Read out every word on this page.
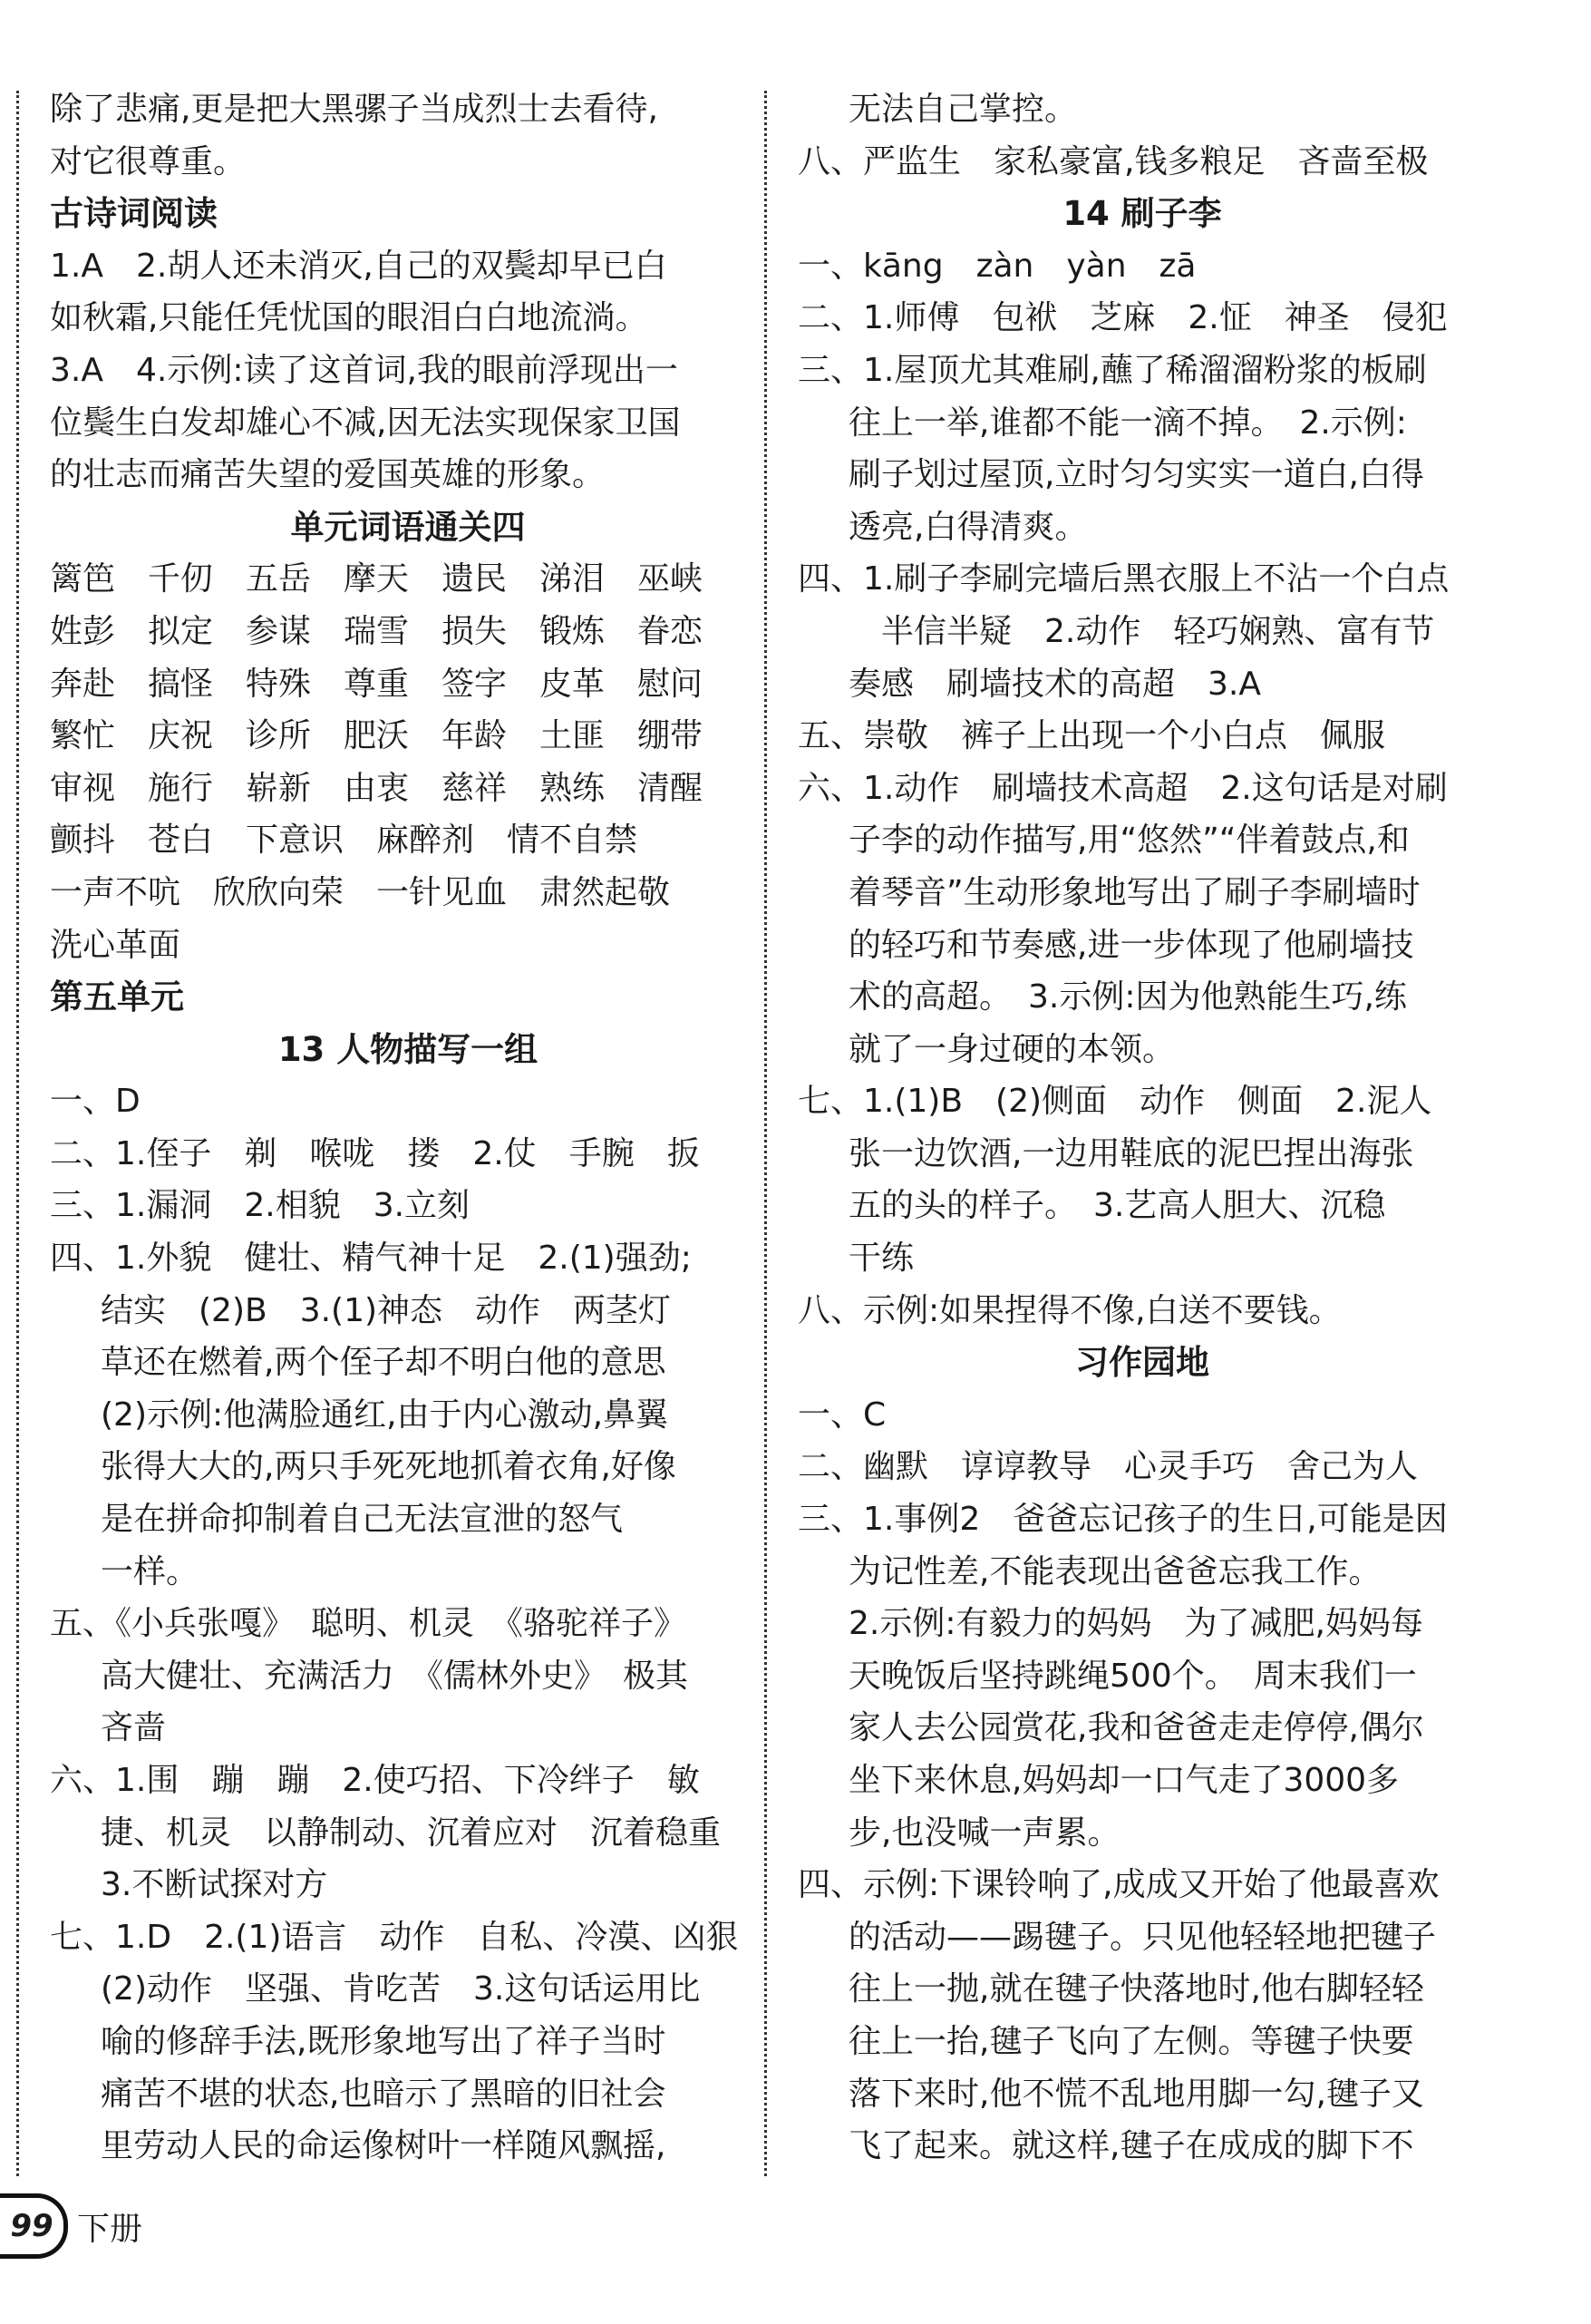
除了悲痛,更是把大黑骡子当成烈士去看待,
对它很尊重。
古诗词阅读
1.A　2.胡人还未消灭,自己的双鬓却早已白
如秋霜,只能任凭忧国的眼泪白白地流淌。
3.A　4.示例:读了这首词,我的眼前浮现出一
位鬓生白发却雄心不减,因无法实现保家卫国
的壮志而痛苦失望的爱国英雄的形象。
单元词语通关四
篱笆　千仞　五岳　摩天　遗民　涕泪　巫峡
姓彭　拟定　参谋　瑞雪　损失　锻炼　眷恋
奔赴　搞怪　特殊　尊重　签字　皮革　慰问
繁忙　庆祝　诊所　肥沃　年龄　土匪　绷带
审视　施行　崭新　由衷　慈祥　熟练　清醒
颤抖　苍白　下意识　麻醉剂　情不自禁
一声不吭　欣欣向荣　一针见血　肃然起敬
洗心革面
第五单元
13 人物描写一组
一、D
二、1.侄子　剃　喉咙　搂　2.仗　手腕　扳
三、1.漏洞　2.相貌　3.立刻
四、1.外貌　健壮、精气神十足　2.(1)强劲;
结实　(2)B　3.(1)神态　动作　两茎灯
草还在燃着,两个侄子却不明白他的意思
(2)示例:他满脸通红,由于内心激动,鼻翼
张得大大的,两只手死死地抓着衣角,好像
是在拼命抑制着自己无法宣泄的怒气
一样。
五、《小兵张嘎》　聪明、机灵　《骆驼祥子》
高大健壮、充满活力　《儒林外史》　极其
吝啬
六、1.围　蹦　蹦　2.使巧招、下冷绊子　敏
捷、机灵　以静制动、沉着应对　沉着稳重
3.不断试探对方
七、1.D　2.(1)语言　动作　自私、冷漠、凶狠
(2)动作　坚强、肯吃苦　3.这句话运用比
喻的修辞手法,既形象地写出了祥子当时
痛苦不堪的状态,也暗示了黑暗的旧社会
里劳动人民的命运像树叶一样随风飘摇,
无法自己掌控。
八、严监生　家私豪富,钱多粮足　吝啬至极
14 刷子李
一、kāng　zàn　yàn　zā
二、1.师傅　包袱　芝麻　2.怔　神圣　侵犯
三、1.屋顶尤其难刷,蘸了稀溜溜粉浆的板刷
往上一举,谁都不能一滴不掉。　2.示例:
刷子划过屋顶,立时匀匀实实一道白,白得
透亮,白得清爽。
四、1.刷子李刷完墙后黑衣服上不沾一个白点
　半信半疑　2.动作　轻巧娴熟、富有节
奏感　刷墙技术的高超　3.A
五、崇敬　裤子上出现一个小白点　佩服
六、1.动作　刷墙技术高超　2.这句话是对刷
子李的动作描写,用“悠然”“伴着鼓点,和
着琴音”生动形象地写出了刷子李刷墙时
的轻巧和节奏感,进一步体现了他刷墙技
术的高超。　3.示例:因为他熟能生巧,练
就了一身过硬的本领。
七、1.(1)B　(2)侧面　动作　侧面　2.泥人
张一边饮酒,一边用鞋底的泥巴捏出海张
五的头的样子。　3.艺高人胆大、沉稳
干练
八、示例:如果捏得不像,白送不要钱。
习作园地
一、C
二、幽默　谆谆教导　心灵手巧　舍己为人
三、1.事例2　爸爸忘记孩子的生日,可能是因
为记性差,不能表现出爸爸忘我工作。
2.示例:有毅力的妈妈　为了减肥,妈妈每
天晚饭后坚持跳绳500个。　周末我们一
家人去公园赏花,我和爸爸走走停停,偶尔
坐下来休息,妈妈却一口气走了3000多
步,也没喊一声累。
四、示例:下课铃响了,成成又开始了他最喜欢
的活动——踢毽子。只见他轻轻地把毽子
往上一抛,就在毽子快落地时,他右脚轻轻
往上一抬,毽子飞向了左侧。等毽子快要
落下来时,他不慌不乱地用脚一勾,毽子又
飞了起来。就这样,毽子在成成的脚下不
99 下册
